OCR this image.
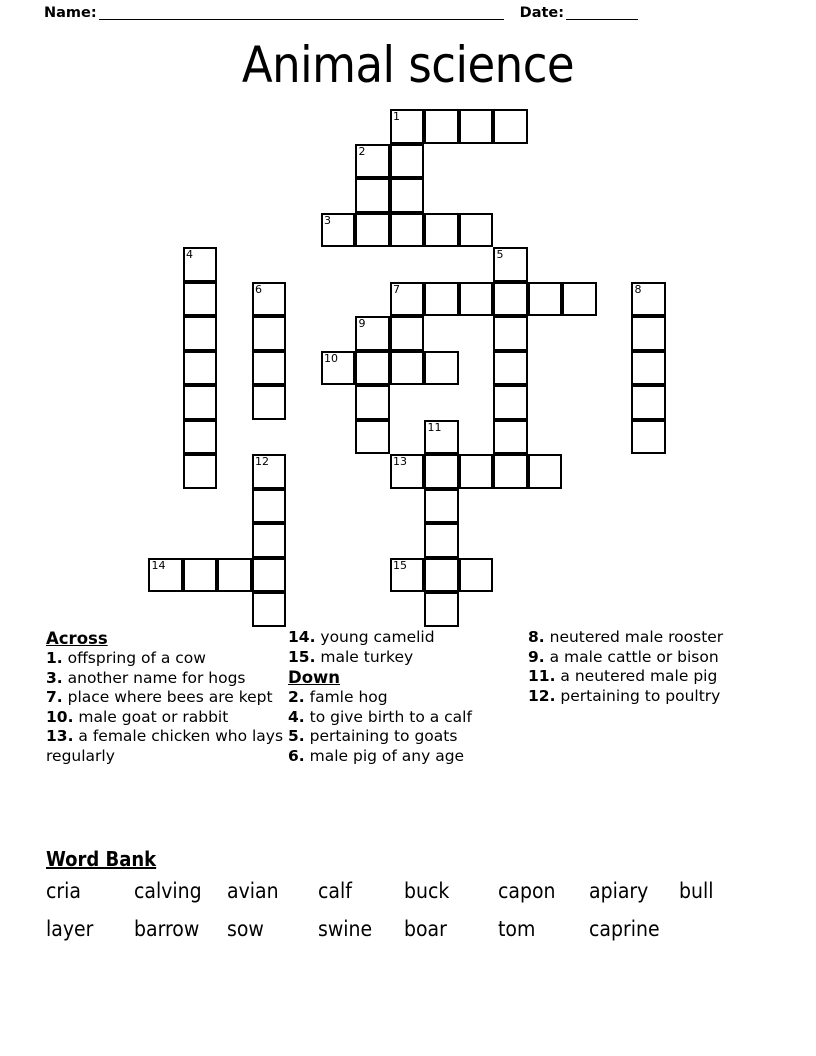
Name:	Date:
Animal science
1
2
3
4	5
6	7	8
9
10
11
12	13
14	15
Across
1. offspring of a cow
3. another name for hogs
7. place where bees are kept
10. male goat or rabbit
13. a female chicken who lays regularly
14. young camelid
15. male turkey
Down
2. famle hog
4. to give birth to a calf
5. pertaining to goats
6. male pig of any age
8. neutered male rooster
9. a male cattle or bison
11. a neutered male pig
12. pertaining to poultry
Word Bank
cria	calving avian calf buck capon apiary bull
layer barrow sow	swine boar tom	caprine
